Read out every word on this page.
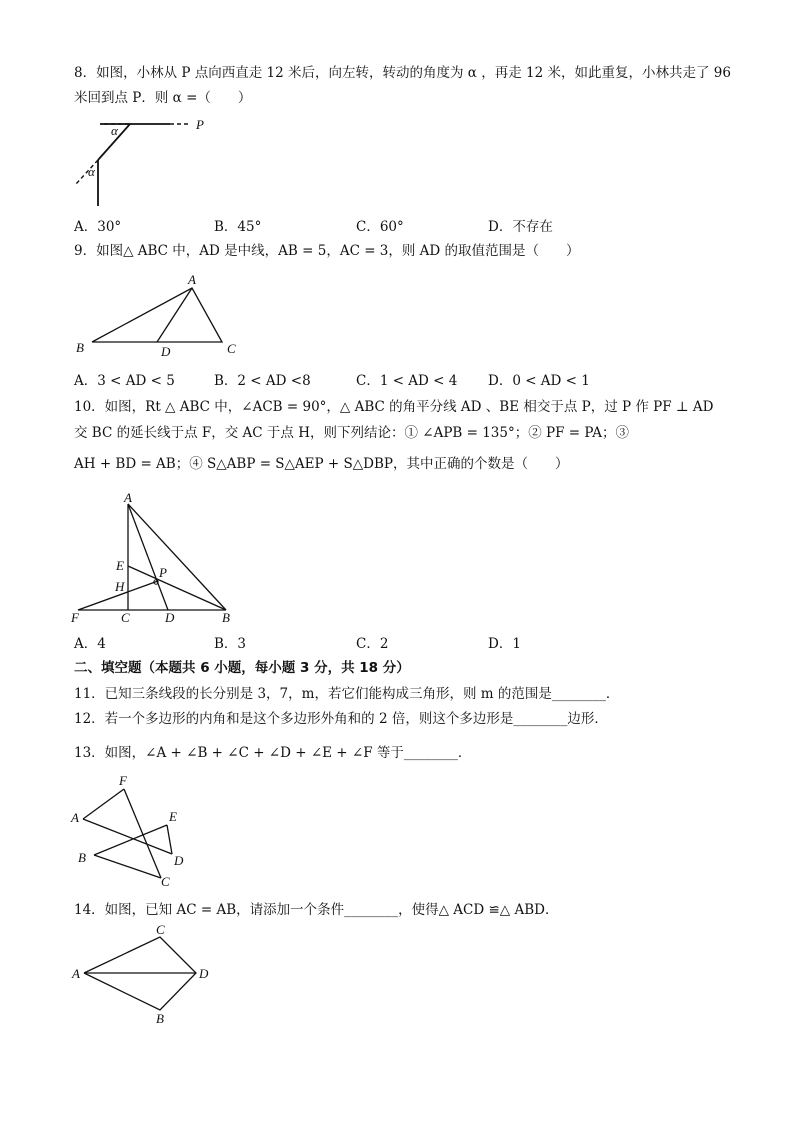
8．如图，小林从 P 点向西直走 12 米后，向左转，转动的角度为 α ，再走 12 米，如此重复，小林共走了 96
米回到点 P．则 α =（　　）
P
α
α
A．30°	B．45°	C．60°	D．不存在
9．如图△ ABC 中，AD 是中线，AB = 5，AC = 3，则 AD 的取值范围是（　　）
A
B	C
D
A．3 < AD < 5	B．2 < AD <8	C．1 < AD < 4 D．0 < AD < 1
10．如图，Rt △ ABC 中，∠ACB = 90°，△ ABC 的角平分线 AD 、BE 相交于点 P，过 P 作 PF ⊥ AD
交 BC 的延长线于点 F，交 AC 于点 H，则下列结论：① ∠APB = 135°；② PF = PA；③
AH + BD = AB；④ S△ABP = S△AEP + S△DBP，其中正确的个数是（　　）
A
E
H
P
F	C	D	B
A．4	B．3	C．2	D．1
二、填空题（本题共 6 小题，每小题 3 分，共 18 分）
11．已知三条线段的长分别是 3，7，m，若它们能构成三角形，则 m 的范围是________．
12．若一个多边形的内角和是这个多边形外角和的 2 倍，则这个多边形是________边形．
13．如图，∠A + ∠B + ∠C + ∠D + ∠E + ∠F 等于________．
F
A	E
B	D
C
14．如图，已知 AC = AB，请添加一个条件________，使得△ ACD ≌△ ABD．
C
A	D
B
